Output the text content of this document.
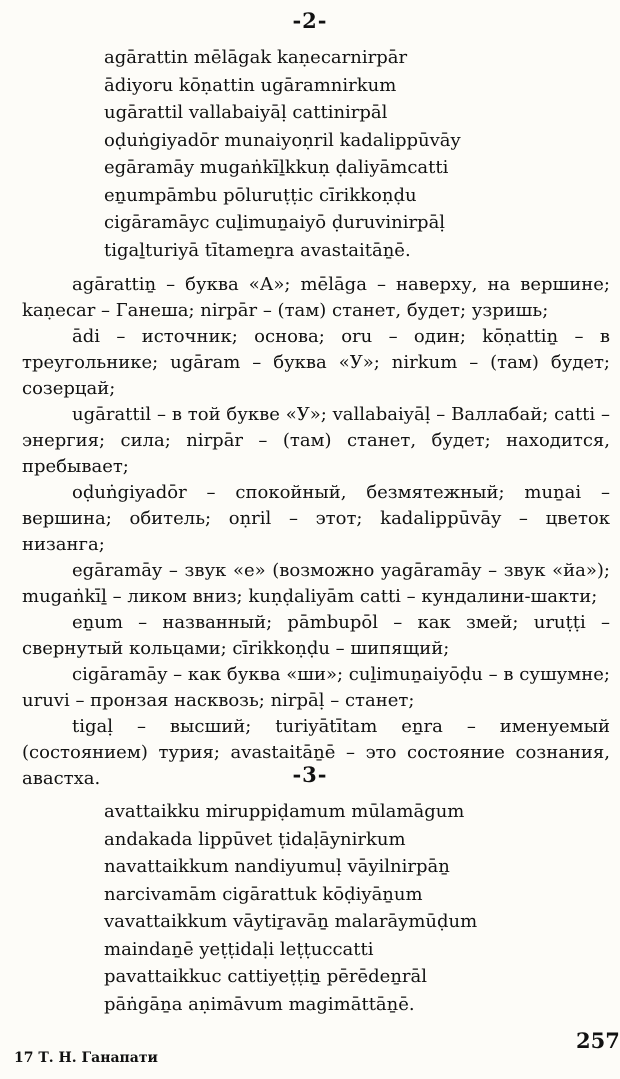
-2-
agārattin mēlāgak kaṇecarnirpār
ādiyoru kōṇattin ugāramnirkum
ugārattil vallabaiyāḷ cattinirpāl
oḍuṅgiyadōr munaiyoṇril kadalippūvāy
egāramāy mugaṅkīḻkkuṇ ḍaliyāmcatti
eṉumpāmbu pōluruṭṭic cīrikkoṇḍu
cigāramāyc cuḻimuṉaiyō ḍuruvinirpāḷ
tigaḻturiyā tītameṉra avastaitāṉē.

agārattiṉ – буква «А»; mēlāga – наверху, на вершине; kaṇecar – Ганеша; nirpār – (там) станет, будет; узришь;

ādi – источник; основа; oru – один; kōṇattiṉ – в треугольнике; ugāram – буква «У»; nirkum – (там) будет; созерцай;

ugārattil – в той букве «У»; vallabaiyāḷ – Валлабай; catti – энергия; сила; nirpār – (там) станет, будет; находится, пребывает;

oḍuṅgiyadōr – спокойный, безмятежный; muṉai – вершина; обитель; oṇril – этот; kadalippūvāy – цветок низанга;

egāramāy – звук «е» (возможно yagāramāy – звук «йа»); mugaṅkīḻ – ликом вниз; kuṇḍaliyām catti – кундалини-шакти;

eṉum – названный; pāmbupōl – как змей; uruṭṭi – свернутый кольцами; cīrikkoṇḍu – шипящий;

cigāramāy – как буква «ши»; cuḻimuṉaiyōḍu – в сушумне; uruvi – пронзая насквозь; nirpāḷ – станет;

tigaḷ – высший; turiyātītam eṉra – именуемый (состоянием) турия; avastaitāṉē – это состояние сознания, авастха.	-3-
avattaikku miruppiḍamum mūlamāgum
andakada lippūvet ṭidaḷāynirkum
navattaikkum nandiyumuḷ vāyilnirpāṉ
narcivamām cigārattuk kōḍiyāṉum
vavattaikkum vāytiṟavāṉ malarāymūḍum
maindaṉē yeṭṭidaḷi leṭṭuccatti
pavattaikkuc cattiyeṭṭiṉ pērēdeṉrāl
pāṅgāṉa aṇimāvum magimāttāṉē.
257
17 Т. Н. Ганапати
